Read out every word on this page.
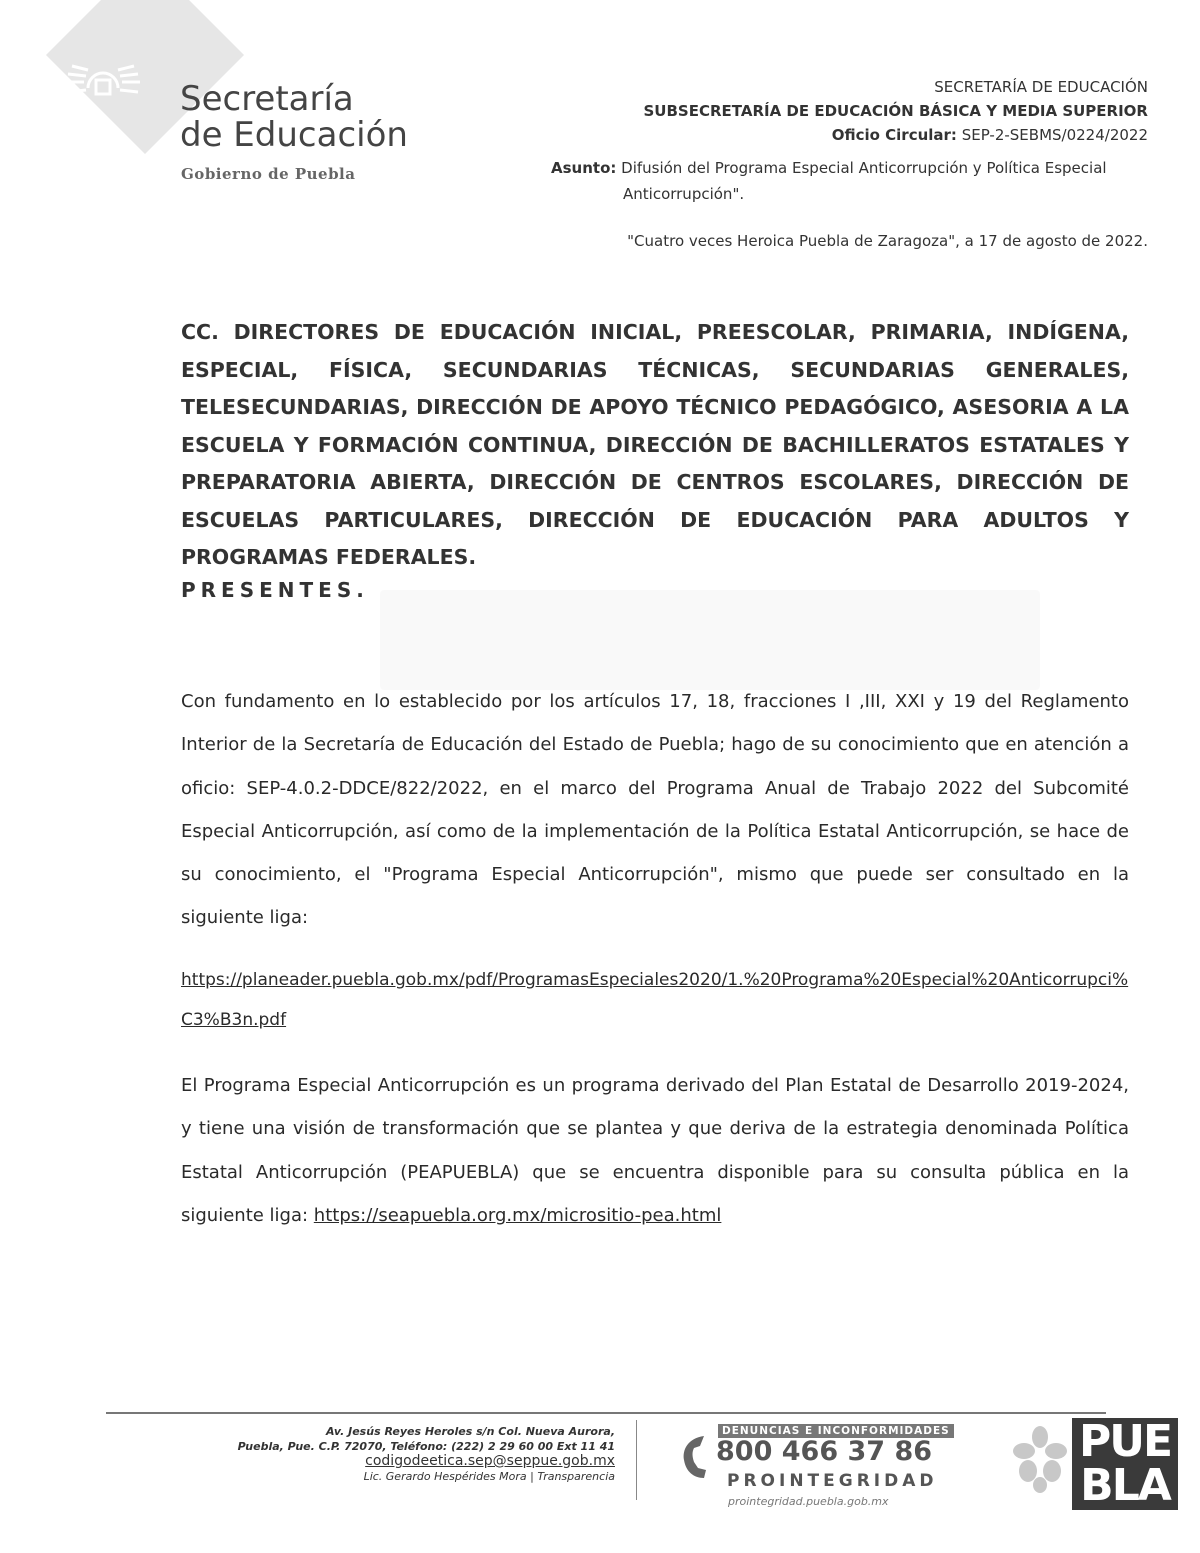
Secretaría
de Educación
Gobierno de Puebla
SECRETARÍA DE EDUCACIÓN
SUBSECRETARÍA DE EDUCACIÓN BÁSICA Y MEDIA SUPERIOR
Oficio Circular: SEP-2-SEBMS/0224/2022
Asunto: Difusión del Programa Especial Anticorrupción y Política Especial
Anticorrupción".
"Cuatro veces Heroica Puebla de Zaragoza", a 17 de agosto de 2022.
CC. DIRECTORES DE EDUCACIÓN INICIAL, PREESCOLAR, PRIMARIA, INDÍGENA, ESPECIAL, FÍSICA, SECUNDARIAS TÉCNICAS, SECUNDARIAS GENERALES, TELESECUNDARIAS, DIRECCIÓN DE APOYO TÉCNICO PEDAGÓGICO, ASESORIA A LA ESCUELA Y FORMACIÓN CONTINUA, DIRECCIÓN DE BACHILLERATOS ESTATALES Y PREPARATORIA ABIERTA, DIRECCIÓN DE CENTROS ESCOLARES, DIRECCIÓN DE ESCUELAS PARTICULARES, DIRECCIÓN DE EDUCACIÓN PARA ADULTOS Y PROGRAMAS FEDERALES.
PRESENTES.
Con fundamento en lo establecido por los artículos 17, 18, fracciones I ,III, XXI y 19 del Reglamento Interior de la Secretaría de Educación del Estado de Puebla; hago de su conocimiento que en atención a oficio: SEP-4.0.2-DDCE/822/2022, en el marco del Programa Anual de Trabajo 2022 del Subcomité Especial Anticorrupción, así como de la implementación de la Política Estatal Anticorrupción, se hace de su conocimiento, el "Programa Especial Anticorrupción", mismo que puede ser consultado en la siguiente liga:
https://planeader.puebla.gob.mx/pdf/ProgramasEspeciales2020/1.%20Programa%20Especial%20Anticorrupci%C3%B3n.pdf
El Programa Especial Anticorrupción es un programa derivado del Plan Estatal de Desarrollo 2019-2024, y tiene una visión de transformación que se plantea y que deriva de la estrategia denominada Política Estatal Anticorrupción (PEAPUEBLA) que se encuentra disponible para su consulta pública en la siguiente liga: https://seapuebla.org.mx/micrositio-pea.html
Av. Jesús Reyes Heroles s/n Col. Nueva Aurora,
Puebla, Pue. C.P. 72070, Teléfono: (222) 2 29 60 00 Ext 11 41
codigodeetica.sep@seppue.gob.mx
Lic. Gerardo Hespérides Mora | Transparencia
DENUNCIAS E INCONFORMIDADES
800 466 37 86
PROINTEGRIDAD
prointegridad.puebla.gob.mx
PUE
BLA
